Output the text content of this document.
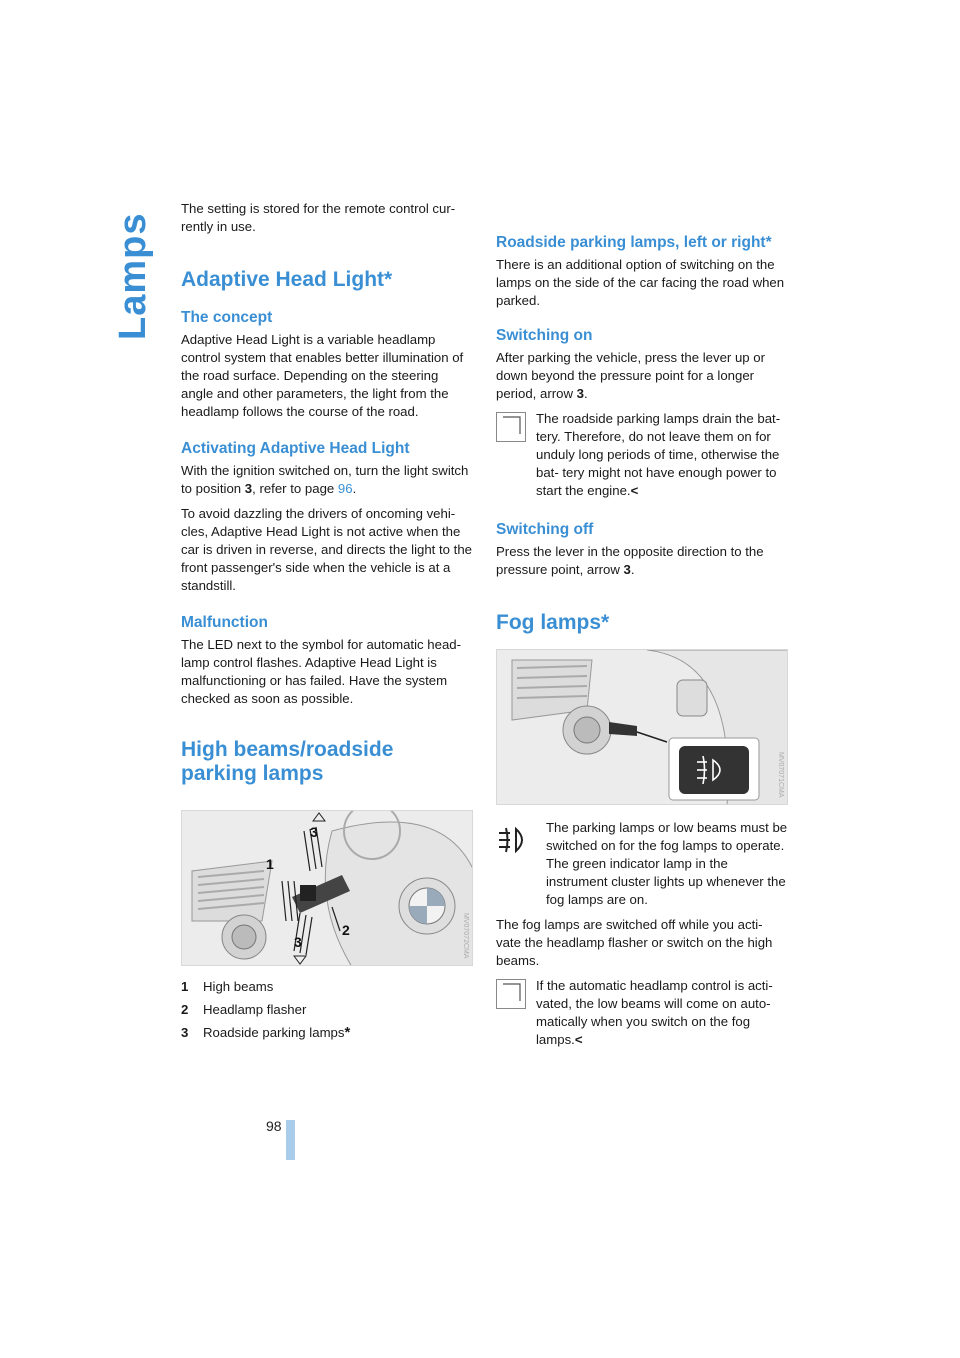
Lamps

The setting is stored for the remote control cur- rently in use.

Adaptive Head Light*
The concept

Adaptive Head Light is a variable headlamp control system that enables better illumination of the road surface. Depending on the steering angle and other parameters, the light from the headlamp follows the course of the road.

Activating Adaptive Head Light

With the ignition switched on, turn the light switch to position 3, refer to page 96.

To avoid dazzling the drivers of oncoming vehi- cles, Adaptive Head Light is not active when the car is driven in reverse, and directs the light to the front passenger's side when the vehicle is at a standstill.

Malfunction

The LED next to the symbol for automatic head- lamp control flashes. Adaptive Head Light is malfunctioning or has failed. Have the system checked as soon as possible.

High beams/roadside parking lamps
1
3
2
3	MV07072CMA
1	High beams
2	Headlamp flasher
3	Roadside parking lamps *
Roadside parking lamps, left or right*

There is an additional option of switching on the lamps on the side of the car facing the road when parked.

Switching on

After parking the vehicle, press the lever up or down beyond the pressure point for a longer period, arrow 3.

The roadside parking lamps drain the bat- tery. Therefore, do not leave them on for unduly long periods of time, otherwise the bat- tery might not have enough power to start the engine.<
Switching off

Press the lever in the opposite direction to the pressure point, arrow 3.

Fog lamps*
MV07071CMA
The parking lamps or low beams must be switched on for the fog lamps to operate. The green indicator lamp in the instrument cluster lights up whenever the fog lamps are on.

The fog lamps are switched off while you acti- vate the headlamp flasher or switch on the high beams.

If the automatic headlamp control is acti- vated, the low beams will come on auto- matically when you switch on the fog lamps.<
98
